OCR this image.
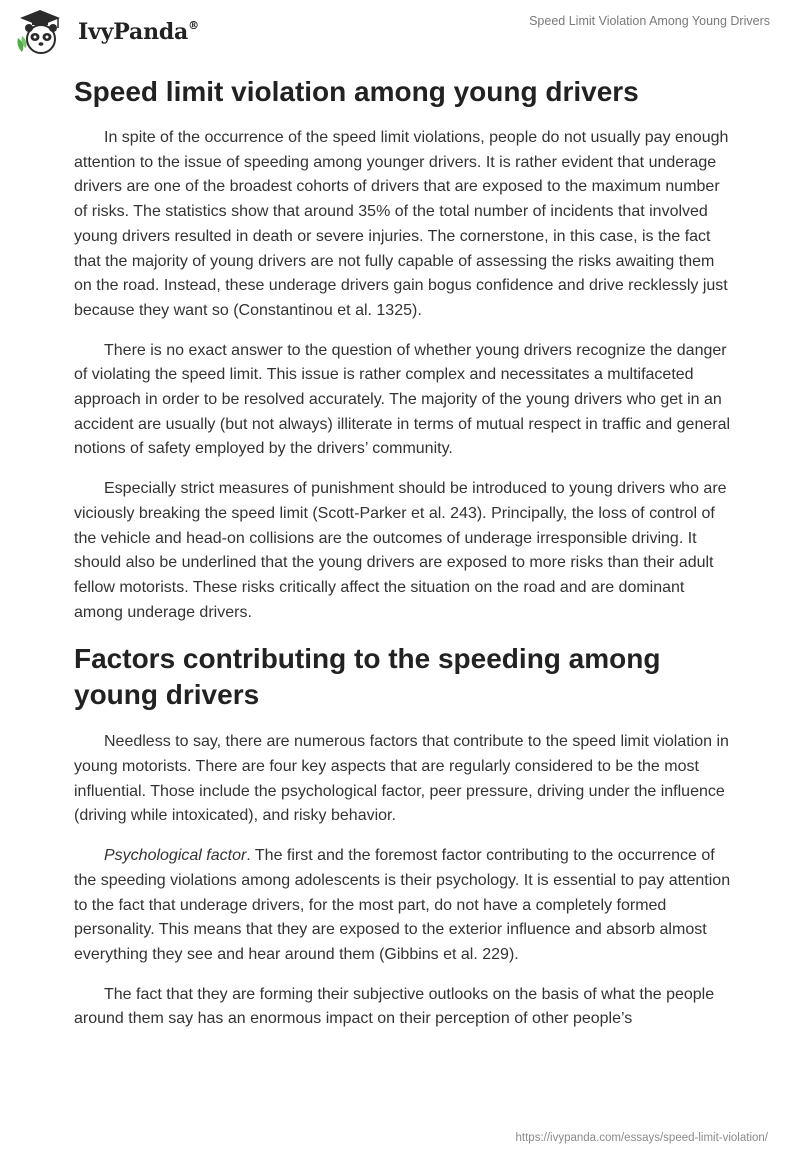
IvyPanda®	Speed Limit Violation Among Young Drivers
Speed limit violation among young drivers

In spite of the occurrence of the speed limit violations, people do not usually pay enough attention to the issue of speeding among younger drivers. It is rather evident that underage drivers are one of the broadest cohorts of drivers that are exposed to the maximum number of risks. The statistics show that around 35% of the total number of incidents that involved young drivers resulted in death or severe injuries. The cornerstone, in this case, is the fact that the majority of young drivers are not fully capable of assessing the risks awaiting them on the road. Instead, these underage drivers gain bogus confidence and drive recklessly just because they want so (Constantinou et al. 1325).

There is no exact answer to the question of whether young drivers recognize the danger of violating the speed limit. This issue is rather complex and necessitates a multifaceted approach in order to be resolved accurately. The majority of the young drivers who get in an accident are usually (but not always) illiterate in terms of mutual respect in traffic and general notions of safety employed by the drivers’ community.

Especially strict measures of punishment should be introduced to young drivers who are viciously breaking the speed limit (Scott-Parker et al. 243). Principally, the loss of control of the vehicle and head-on collisions are the outcomes of underage irresponsible driving. It should also be underlined that the young drivers are exposed to more risks than their adult fellow motorists. These risks critically affect the situation on the road and are dominant among underage drivers.

Factors contributing to the speeding among young drivers

Needless to say, there are numerous factors that contribute to the speed limit violation in young motorists. There are four key aspects that are regularly considered to be the most influential. Those include the psychological factor, peer pressure, driving under the influence (driving while intoxicated), and risky behavior.

Psychological factor. The first and the foremost factor contributing to the occurrence of the speeding violations among adolescents is their psychology. It is essential to pay attention to the fact that underage drivers, for the most part, do not have a completely formed personality. This means that they are exposed to the exterior influence and absorb almost everything they see and hear around them (Gibbins et al. 229).

The fact that they are forming their subjective outlooks on the basis of what the people around them say has an enormous impact on their perception of other people’s

https://ivypanda.com/essays/speed-limit-violation/
